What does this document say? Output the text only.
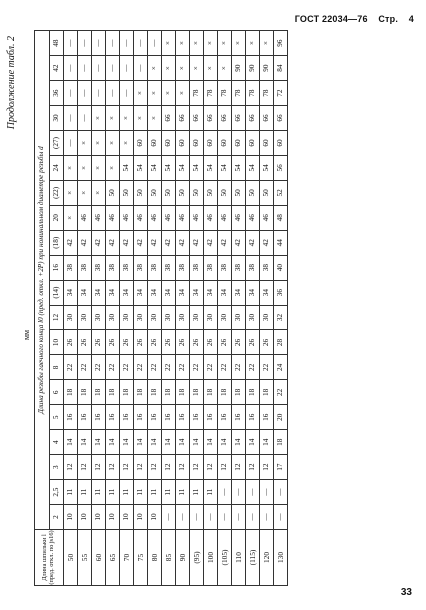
ГОСТ 22034—76 Стр. 4
Продолжение табл. 2
мм
Длина шпильки l (пред. откл. по js16)	Длина резьбы гаечного конца l0 (пред. откл. +2P) при номинальном диаметре резьбы d																			
	2	2,5	3	4	5	6	8	10	12	(14)	16	(18)	20	(22)	24	(27)	30	36	42	48
50	10	11	12	14	16	18	22	26	30	34	38	42	×	×	×	—	—	—	—	—
55	10	11	12	14	16	18	22	26	30	34	38	42	46	×	×	×	—	—	—	—
60	10	11	12	14	16	18	22	26	30	34	38	42	46	×	×	×	×	—	—	—
65	10	11	12	14	16	18	22	26	30	34	38	42	46	50	×	×	×	—	—	—
70	10	11	12	14	16	18	22	26	30	34	38	42	46	50	54	×	×	—	—	—
75	10	11	12	14	16	18	22	26	30	34	38	42	46	50	54	60	×	×	—	—
80	10	11	12	14	16	18	22	26	30	34	38	42	46	50	54	60	×	×	×	—
85	—	11	12	14	16	18	22	26	30	34	38	42	46	50	54	60	66	×	×	×
90	—	11	12	14	16	18	22	26	30	34	38	42	46	50	54	60	66	×	×	×
(95)	—	11	12	14	16	18	22	26	30	34	38	42	46	50	54	60	66	78	×	×
100	—	11	12	14	16	18	22	26	30	34	38	42	46	50	54	60	66	78	×	×
(105)	—	—	12	14	16	18	22	26	30	34	38	42	46	50	54	60	66	78	×	×
110	—	—	12	14	16	18	22	26	30	34	38	42	46	50	54	60	66	78	90	×
(115)	—	—	12	14	16	18	22	26	30	34	38	42	46	50	54	60	66	78	90	×
120	—	—	12	14	16	18	22	26	30	34	38	42	46	50	54	60	66	78	90	×
130	—	—	17	18	20	22	24	28	32	36	40	44	48	52	56	60	66	72	84	96
33
